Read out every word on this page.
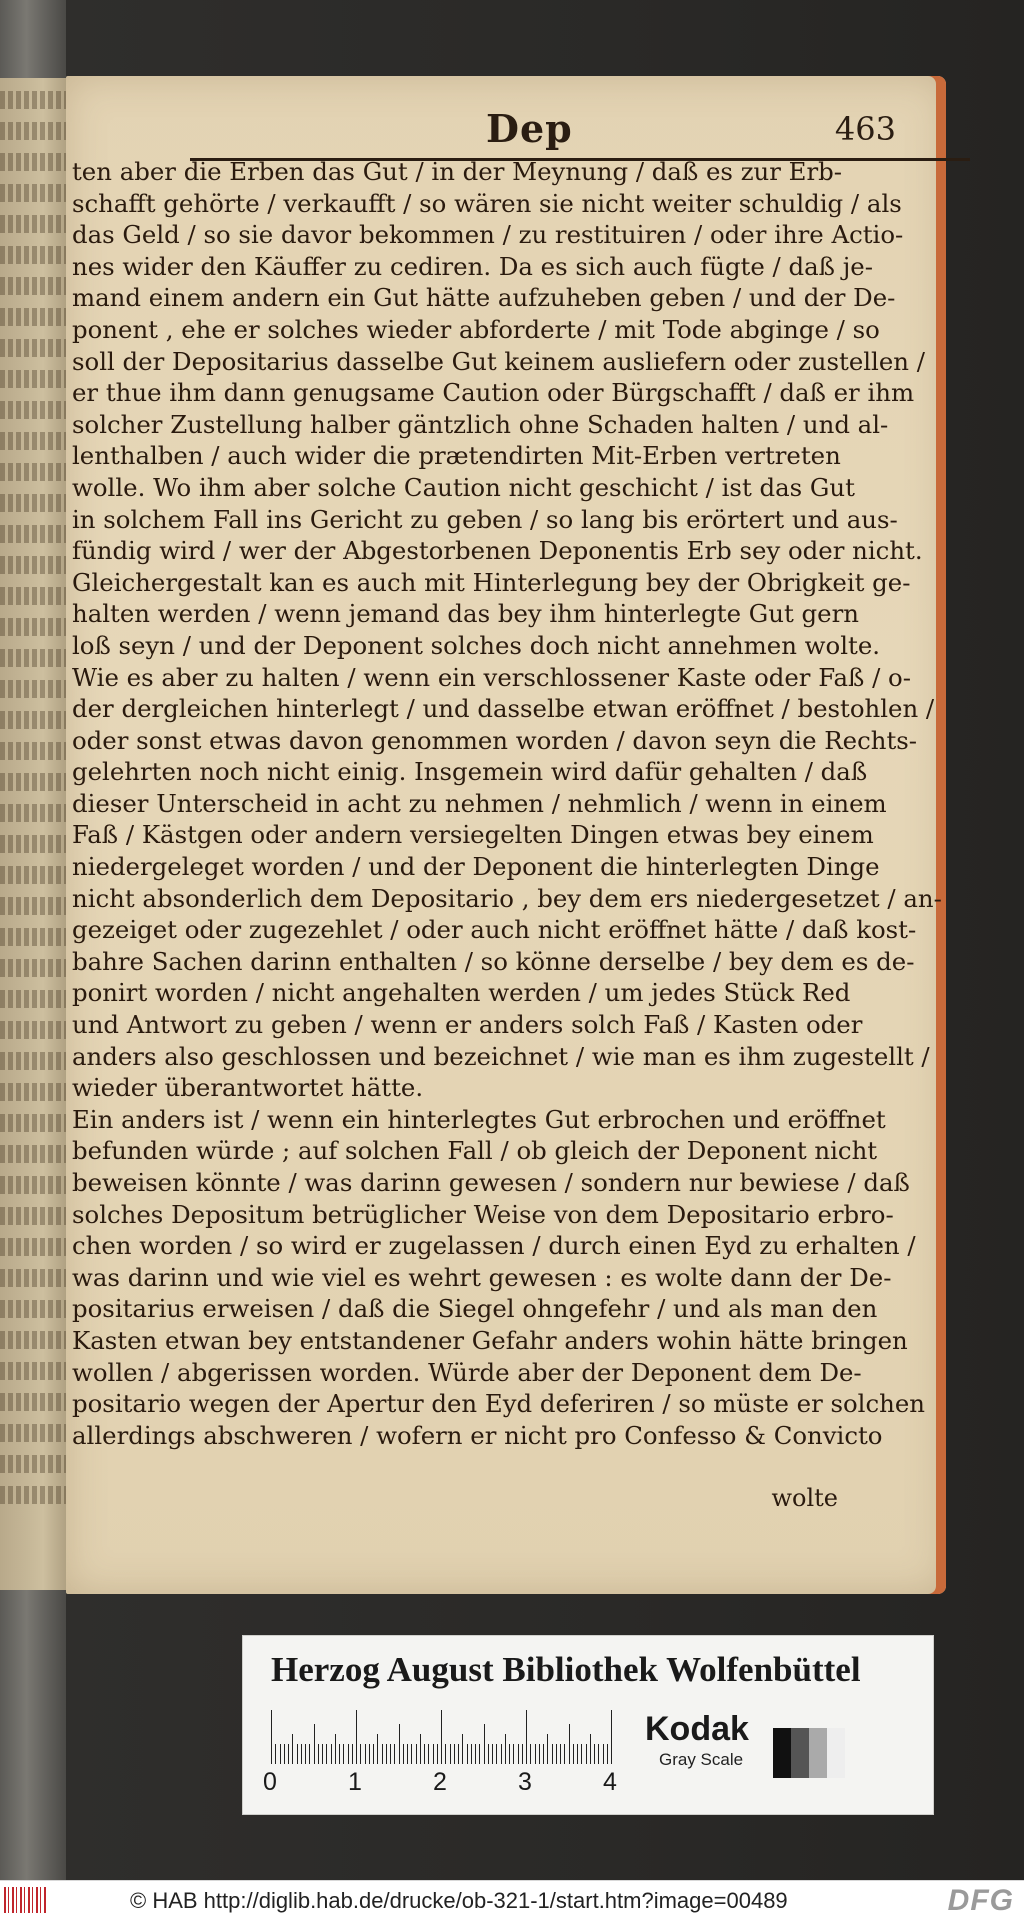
Dep	463
ten aber die Erben das Gut / in der Meynung / daß es zur Erb-
schafft gehörte / verkaufft / so wären sie nicht weiter schuldig / als
das Geld / so sie davor bekommen / zu restituiren / oder ihre Actio-
nes wider den Käuffer zu cediren. Da es sich auch fügte / daß je-
mand einem andern ein Gut hätte aufzuheben geben / und der De-
ponent , ehe er solches wieder abforderte / mit Tode abginge / so
soll der Depositarius dasselbe Gut keinem ausliefern oder zustellen /
er thue ihm dann genugsame Caution oder Bürgschafft / daß er ihm
solcher Zustellung halber gäntzlich ohne Schaden halten / und al-
lenthalben / auch wider die prætendirten Mit-Erben vertreten
wolle. Wo ihm aber solche Caution nicht geschicht / ist das Gut
in solchem Fall ins Gericht zu geben / so lang bis erörtert und aus-
fündig wird / wer der Abgestorbenen Deponentis Erb sey oder nicht.
Gleichergestalt kan es auch mit Hinterlegung bey der Obrigkeit ge-
halten werden / wenn jemand das bey ihm hinterlegte Gut gern
loß seyn / und der Deponent solches doch nicht annehmen wolte.
Wie es aber zu halten / wenn ein verschlossener Kaste oder Faß / o-
der dergleichen hinterlegt / und dasselbe etwan eröffnet / bestohlen /
oder sonst etwas davon genommen worden / davon seyn die Rechts-
gelehrten noch nicht einig. Insgemein wird dafür gehalten / daß
dieser Unterscheid in acht zu nehmen / nehmlich / wenn in einem
Faß / Kästgen oder andern versiegelten Dingen etwas bey einem
niedergeleget worden / und der Deponent die hinterlegten Dinge
nicht absonderlich dem Depositario , bey dem ers niedergesetzet / an-
gezeiget oder zugezehlet / oder auch nicht eröffnet hätte / daß kost-
bahre Sachen darinn enthalten / so könne derselbe / bey dem es de-
ponirt worden / nicht angehalten werden / um jedes Stück Red
und Antwort zu geben / wenn er anders solch Faß / Kasten oder
anders also geschlossen und bezeichnet / wie man es ihm zugestellt /
wieder überantwortet hätte.
Ein anders ist / wenn ein hinterlegtes Gut erbrochen und eröffnet
befunden würde ; auf solchen Fall / ob gleich der Deponent nicht
beweisen könnte / was darinn gewesen / sondern nur bewiese / daß
solches Depositum betrüglicher Weise von dem Depositario erbro-
chen worden / so wird er zugelassen / durch einen Eyd zu erhalten /
was darinn und wie viel es wehrt gewesen : es wolte dann der De-
positarius erweisen / daß die Siegel ohngefehr / und als man den
Kasten etwan bey entstandener Gefahr anders wohin hätte bringen
wollen / abgerissen worden. Würde aber der Deponent dem De-
positario wegen der Apertur den Eyd deferiren / so müste er solchen
allerdings abschweren / wofern er nicht pro Confesso & Convicto
wolte
Herzog August Bibliothek Wolfenbüttel
0	1	2	3	4
Kodak
Gray Scale
© HAB http://diglib.hab.de/drucke/ob-321-1/start.htm?image=00489	DFG
